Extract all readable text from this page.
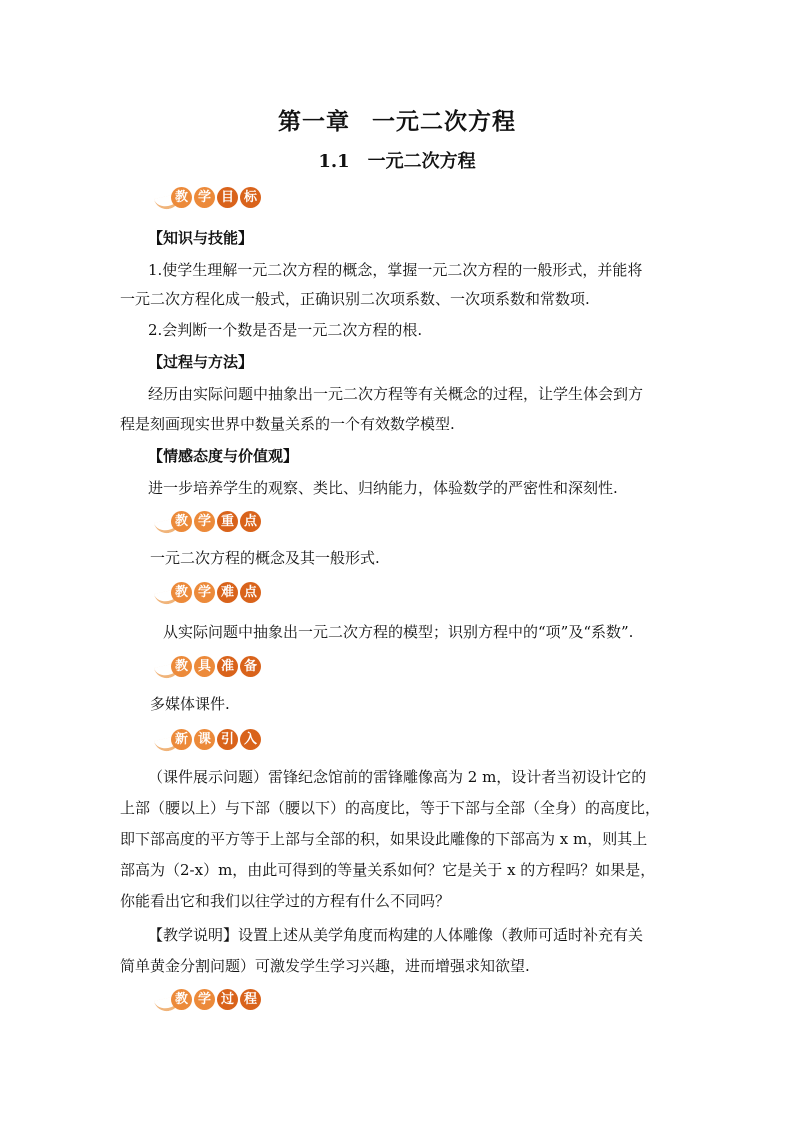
第一章 一元二次方程
1.1 一元二次方程
教 学 目 标
【知识与技能】
1.使学生理解一元二次方程的概念，掌握一元二次方程的一般形式，并能将
一元二次方程化成一般式，正确识别二次项系数、一次项系数和常数项.
2.会判断一个数是否是一元二次方程的根.
【过程与方法】
经历由实际问题中抽象出一元二次方程等有关概念的过程，让学生体会到方
程是刻画现实世界中数量关系的一个有效数学模型.
【情感态度与价值观】
进一步培养学生的观察、类比、归纳能力，体验数学的严密性和深刻性.
教 学 重 点
一元二次方程的概念及其一般形式.
教 学 难 点
从实际问题中抽象出一元二次方程的模型；识别方程中的“项”及“系数”.
教 具 准 备
多媒体课件.
新 课 引 入
（课件展示问题）雷锋纪念馆前的雷锋雕像高为 2 m，设计者当初设计它的
上部（腰以上）与下部（腰以下）的高度比，等于下部与全部（全身）的高度比，
即下部高度的平方等于上部与全部的积，如果设此雕像的下部高为 x m，则其上
部高为（2-x）m，由此可得到的等量关系如何？它是关于 x 的方程吗？如果是，
你能看出它和我们以往学过的方程有什么不同吗？
【教学说明】设置上述从美学角度而构建的人体雕像（教师可适时补充有关
简单黄金分割问题）可激发学生学习兴趣，进而增强求知欲望.
教 学 过 程
